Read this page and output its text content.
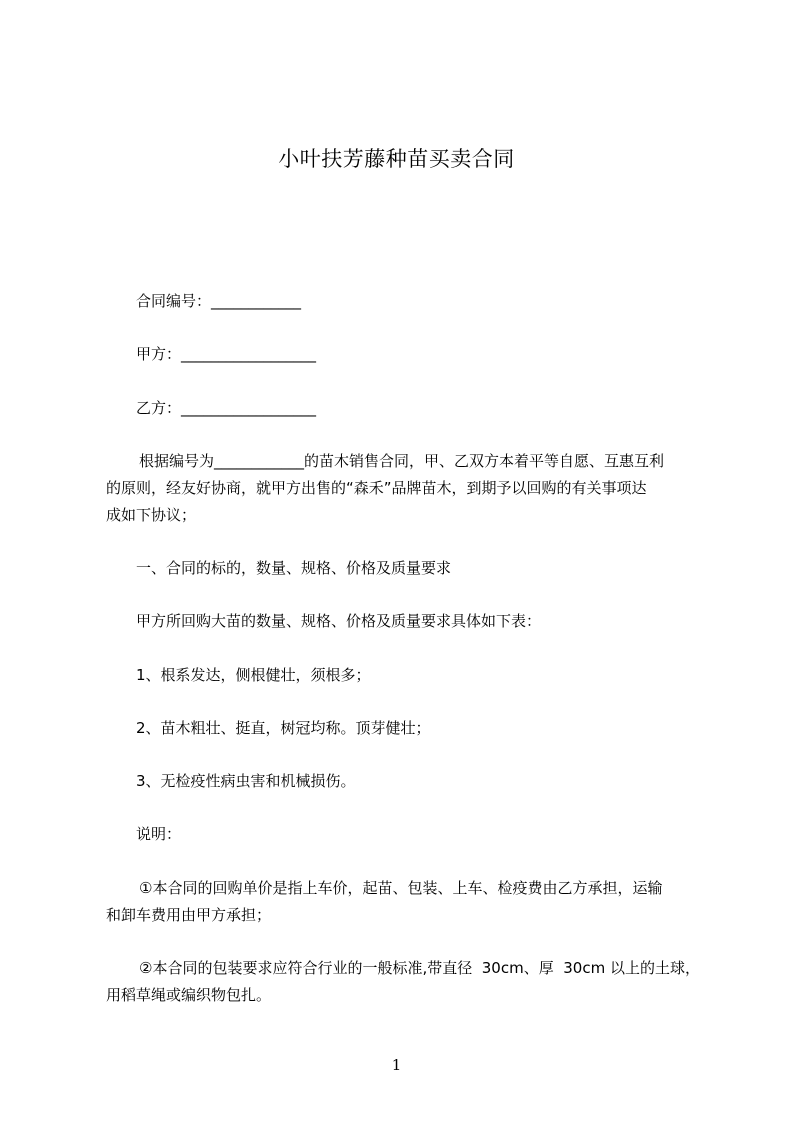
小叶扶芳藤种苗买卖合同
合同编号：____________
甲方：__________________
乙方：__________________
根据编号为____________的苗木销售合同，甲、乙双方本着平等自愿、互惠互利
的原则，经友好协商，就甲方出售的“森禾”品牌苗木，到期予以回购的有关事项达
成如下协议；
一、合同的标的，数量、规格、价格及质量要求
甲方所回购大苗的数量、规格、价格及质量要求具体如下表：
1、根系发达，侧根健壮，须根多；
2、苗木粗壮、挺直，树冠均称。顶芽健壮；
3、无检疫性病虫害和机械损伤。
说明：
①本合同的回购单价是指上车价，起苗、包装、上车、检疫费由乙方承担，运输
和卸车费用由甲方承担；
②本合同的包装要求应符合行业的一般标准,带直径  30cm、厚  30cm 以上的土球，
用稻草绳或编织物包扎。
1
